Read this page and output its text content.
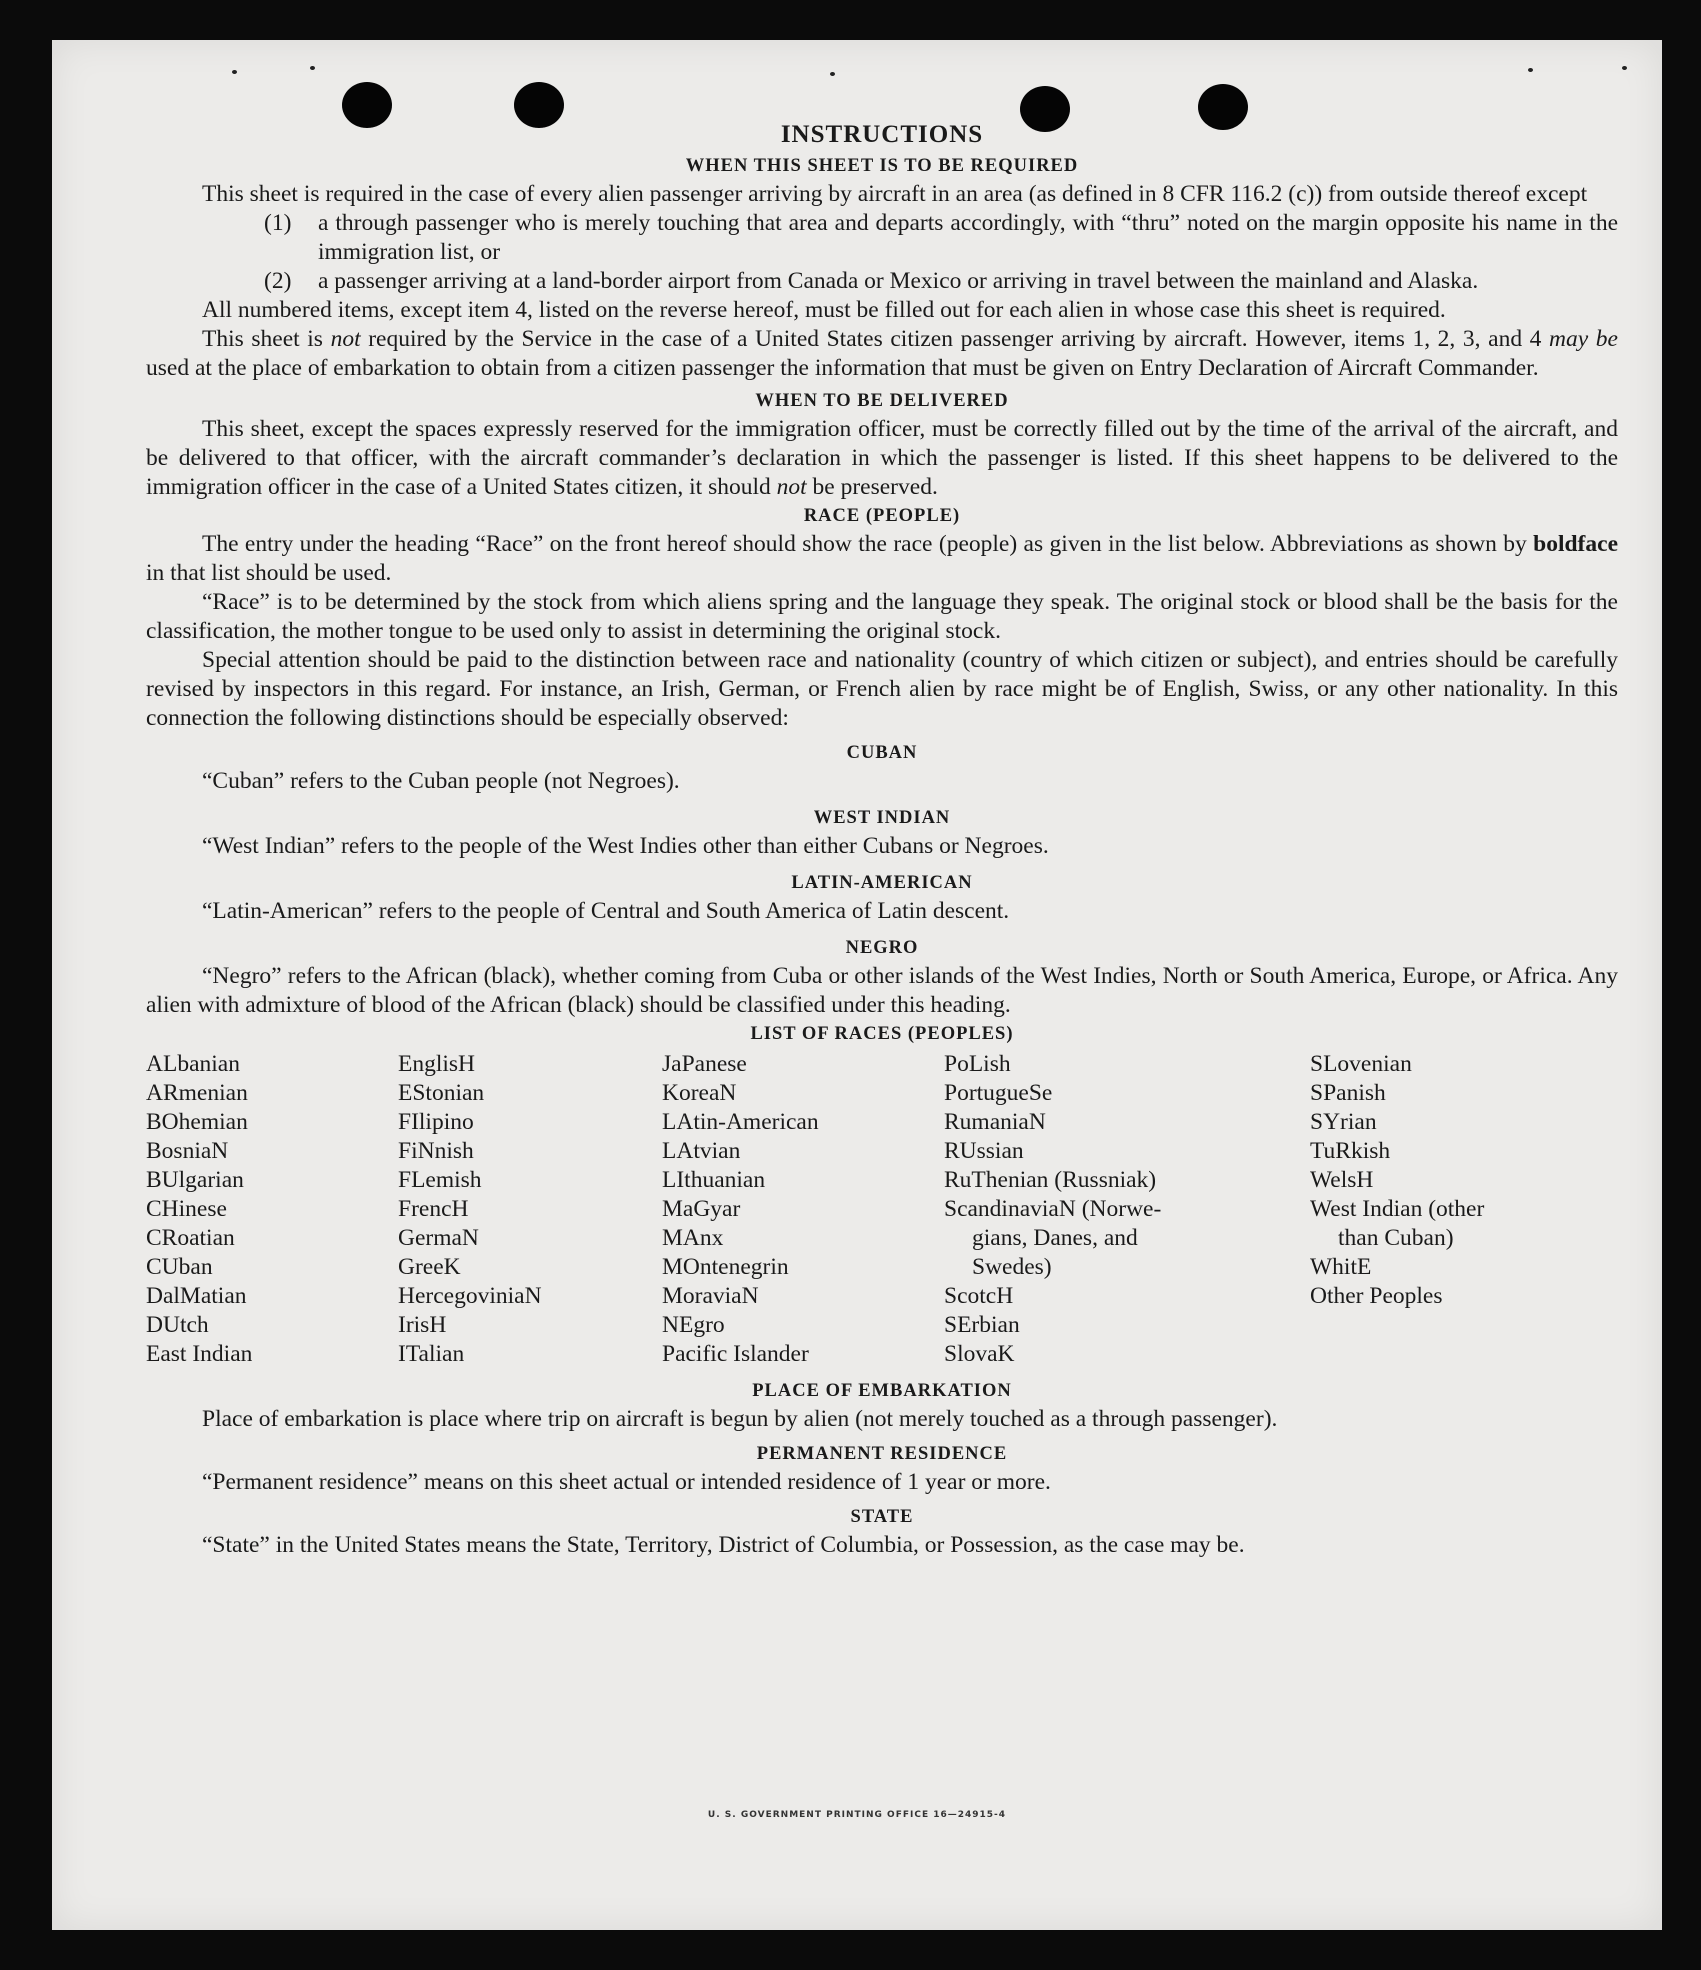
INSTRUCTIONS

WHEN THIS SHEET IS TO BE REQUIRED

This sheet is required in the case of every alien passenger arriving by aircraft in an area (as defined in 8 CFR 116.2 (c)) from outside thereof except

(1)	a through passenger who is merely touching that area and departs accordingly, with “thru” noted on the margin opposite his name in the immigration list, or
(2)	a passenger arriving at a land-border airport from Canada or Mexico or arriving in travel between the mainland and Alaska.

All numbered items, except item 4, listed on the reverse hereof, must be filled out for each alien in whose case this sheet is required.

This sheet is not required by the Service in the case of a United States citizen passenger arriving by aircraft. However, items 1, 2, 3, and 4 may be used at the place of embarkation to obtain from a citizen passenger the information that must be given on Entry Declaration of Aircraft Commander.

WHEN TO BE DELIVERED

This sheet, except the spaces expressly reserved for the immigration officer, must be correctly filled out by the time of the arrival of the aircraft, and be delivered to that officer, with the aircraft commander’s declaration in which the passenger is listed. If this sheet happens to be delivered to the immigration officer in the case of a United States citizen, it should not be preserved.

RACE (PEOPLE)

The entry under the heading “Race” on the front hereof should show the race (people) as given in the list below. Abbreviations as shown by boldface in that list should be used.

“Race” is to be determined by the stock from which aliens spring and the language they speak. The original stock or blood shall be the basis for the classification, the mother tongue to be used only to assist in determining the original stock.

Special attention should be paid to the distinction between race and nationality (country of which citizen or subject), and entries should be carefully revised by inspectors in this regard. For instance, an Irish, German, or French alien by race might be of English, Swiss, or any other nationality. In this connection the following distinctions should be especially observed:

CUBAN

“Cuban” refers to the Cuban people (not Negroes).

WEST INDIAN

“West Indian” refers to the people of the West Indies other than either Cubans or Negroes.

LATIN-AMERICAN

“Latin-American” refers to the people of Central and South America of Latin descent.

NEGRO

“Negro” refers to the African (black), whether coming from Cuba or other islands of the West Indies, North or South America, Europe, or Africa. Any alien with admixture of blood of the African (black) should be classified under this heading.

LIST OF RACES (PEOPLES)

ALbanian
ARmenian
BOhemian
BosniaN
BUlgarian
CHinese
CRoatian
CUban
DalMatian
DUtch
East Indian
EnglisH
EStonian
FIlipino
FiNnish
FLemish
FrencH
GermaN
GreeK
HercegoviniaN
IrisH
ITalian
JaPanese
KoreaN
LAtin-American
LAtvian
LIthuanian
MaGyar
MAnx
MOntenegrin
MoraviaN
NEgro
Pacific Islander
PoLish
PortugueSe
RumaniaN
RUssian
RuThenian (Russniak)
ScandinaviaN (Norwe-
gians, Danes, and
Swedes)
ScotcH
SErbian
SlovaK
SLovenian
SPanish
SYrian
TuRkish
WelsH
West Indian (other
than Cuban)
WhitE
Other Peoples

PLACE OF EMBARKATION

Place of embarkation is place where trip on aircraft is begun by alien (not merely touched as a through passenger).

PERMANENT RESIDENCE

“Permanent residence” means on this sheet actual or intended residence of 1 year or more.

STATE

“State” in the United States means the State, Territory, District of Columbia, or Possession, as the case may be.

U. S. GOVERNMENT PRINTING OFFICE 16—24915-4
